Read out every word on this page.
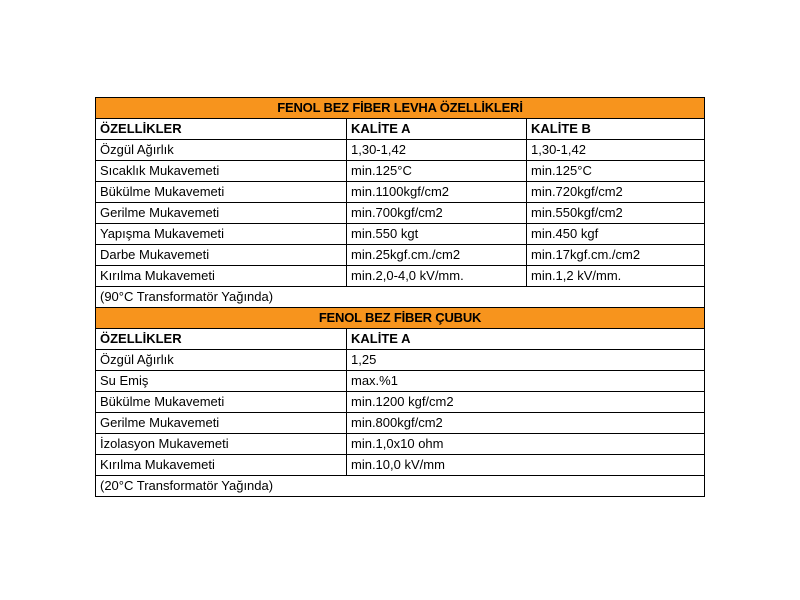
FENOL BEZ FİBER LEVHA ÖZELLİKLERİ		
ÖZELLİKLER	KALİTE A	KALİTE B
Özgül Ağırlık	1,30-1,42	1,30-1,42
Sıcaklık Mukavemeti	min.125°C	min.125°C
Bükülme Mukavemeti	min.1100kgf/cm2	min.720kgf/cm2
Gerilme Mukavemeti	min.700kgf/cm2	min.550kgf/cm2
Yapışma Mukavemeti	min.550 kgt	min.450 kgf
Darbe Mukavemeti	min.25kgf.cm./cm2	min.17kgf.cm./cm2
Kırılma Mukavemeti	min.2,0-4,0 kV/mm.	min.1,2 kV/mm.
(90°C Transformatör Yağında)		
FENOL BEZ FİBER ÇUBUK		
ÖZELLİKLER	KALİTE A	
Özgül Ağırlık	1,25	
Su Emiş	max.%1	
Bükülme Mukavemeti	min.1200 kgf/cm2	
Gerilme Mukavemeti	min.800kgf/cm2	
İzolasyon Mukavemeti	min.1,0x10 ohm	
Kırılma Mukavemeti	min.10,0 kV/mm	
(20°C Transformatör Yağında)		
